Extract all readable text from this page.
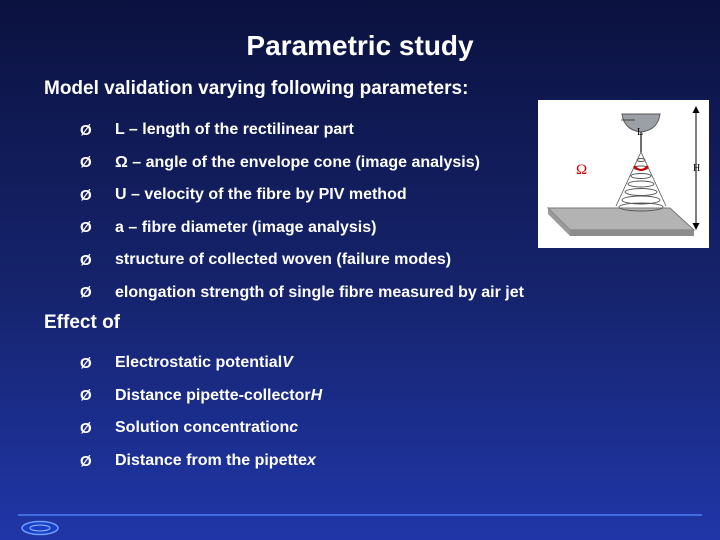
Parametric study
Model validation varying following parameters:
Ø	L – length of the rectilinear part
Ø	Ω – angle of the envelope cone (image analysis)
Ø	U – velocity of the fibre by PIV method
Ø	a – fibre diameter (image analysis)
Ø	structure of collected woven (failure modes)
Ø	elongation strength of single fibre measured by air jet
Ω
L
H
Effect of
Ø	Electrostatic potential V
Ø	Distance pipette-collector H
Ø	Solution concentration c
Ø	Distance from the pipette x
